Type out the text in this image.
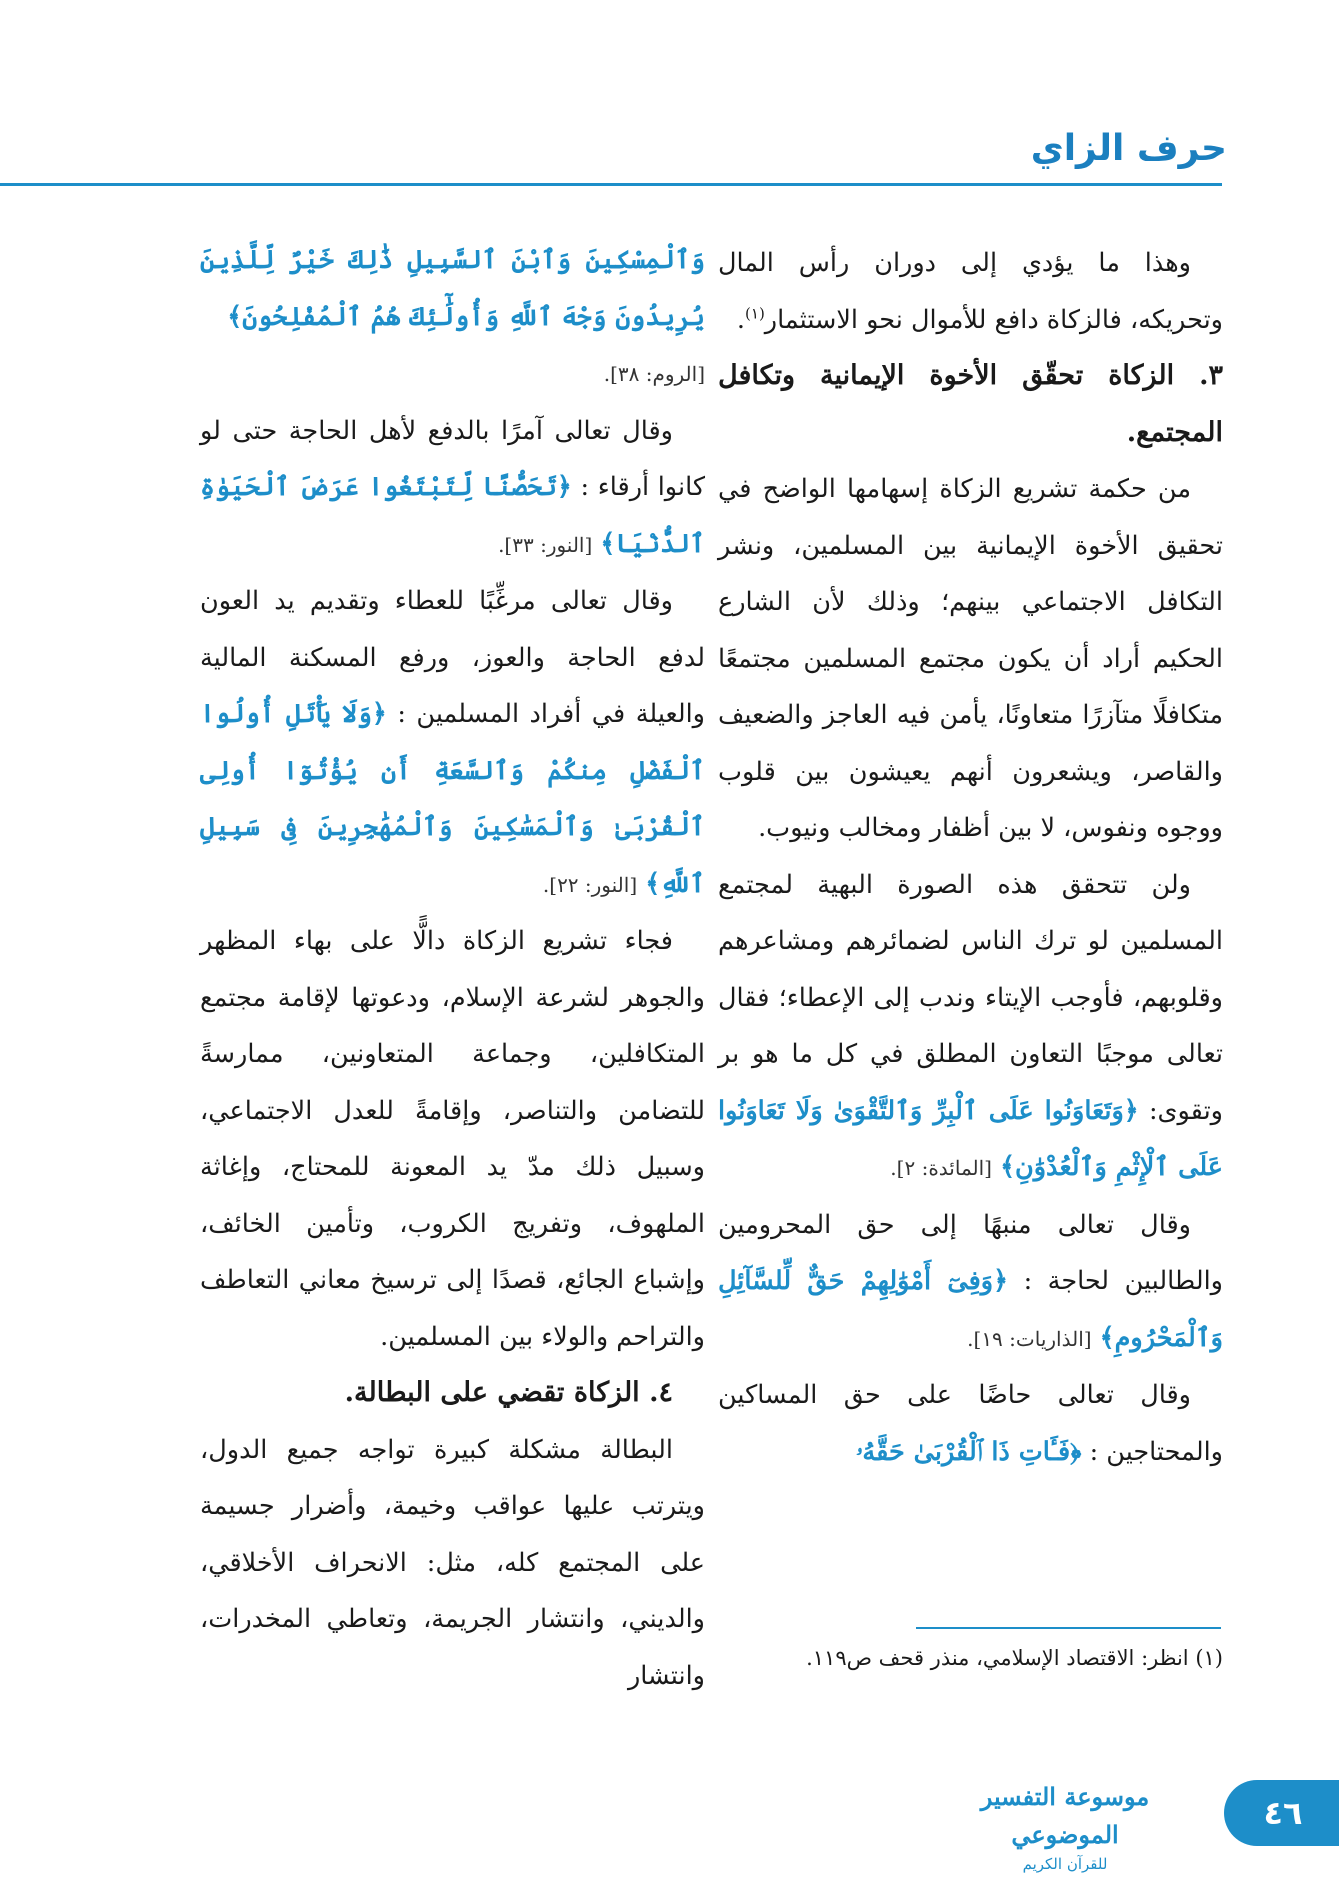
حرف الزاي

وهذا ما يؤدي إلى دوران رأس المال وتحريكه، فالزكاة دافع للأموال نحو الاستثمار$^{(١)}$.

٣. الزكاة تحقّق الأخوة الإيمانية وتكافل المجتمع.

من حكمة تشريع الزكاة إسهامها الواضح في تحقيق الأخوة الإيمانية بين المسلمين، ونشر التكافل الاجتماعي بينهم؛ وذلك لأن الشارع الحكيم أراد أن يكون مجتمع المسلمين مجتمعًا متكافلًا متآزرًا متعاونًا، يأمن فيه العاجز والضعيف والقاصر، ويشعرون أنهم يعيشون بين قلوب ووجوه ونفوس، لا بين أظفار ومخالب ونيوب.

ولن تتحقق هذه الصورة البهية لمجتمع المسلمين لو ترك الناس لضمائرهم ومشاعرهم وقلوبهم، فأوجب الإيتاء وندب إلى الإعطاء؛ فقال تعالى موجبًا التعاون المطلق في كل ما هو بر وتقوى: ﴿وَتَعَاوَنُوا عَلَى ٱلْبِرِّ وَٱلتَّقْوَىٰ وَلَا تَعَاوَنُوا عَلَى ٱلْإِثْمِ وَٱلْعُدْوَٰنِ﴾ [المائدة: ٢].

وقال تعالى منبهًا إلى حق المحرومين والطالبين لحاجة : ﴿وَفِىٓ أَمْوَٰلِهِمْ حَقٌّ لِّلسَّآئِلِ وَٱلْمَحْرُومِ﴾ [الذاريات: ١٩].

وقال تعالى حاضًا على حق المساكين والمحتاجين : ﴿فَـَٔاتِ ذَا ٱلْقُرْبَىٰ حَقَّهُۥ

وَٱلْمِسْكِينَ وَٱبْنَ ٱلسَّبِيلِ ذَٰلِكَ خَيْرٌ لِّلَّذِينَ يُرِيدُونَ وَجْهَ ٱللَّهِ وَأُولَٰٓئِكَ هُمُ ٱلْمُفْلِحُونَ﴾

[الروم: ٣٨].

وقال تعالى آمرًا بالدفع لأهل الحاجة حتى لو كانوا أرقاء : ﴿تَحَصُّنًا لِّتَبْتَغُوا عَرَضَ ٱلْحَيَوٰةِ ٱلدُّنْيَا﴾ [النور: ٣٣].

وقال تعالى مرغِّبًا للعطاء وتقديم يد العون لدفع الحاجة والعوز، ورفع المسكنة المالية والعيلة في أفراد المسلمين : ﴿وَلَا يَأْتَلِ أُولُوا ٱلْفَضْلِ مِنكُمْ وَٱلسَّعَةِ أَن يُؤْتُوٓا أُولِى ٱلْقُرْبَىٰ وَٱلْمَسَٰكِينَ وَٱلْمُهَٰجِرِينَ فِى سَبِيلِ ٱللَّهِ﴾ [النور: ٢٢].

فجاء تشريع الزكاة دالًّا على بهاء المظهر والجوهر لشرعة الإسلام، ودعوتها لإقامة مجتمع المتكافلين، وجماعة المتعاونين، ممارسةً للتضامن والتناصر، وإقامةً للعدل الاجتماعي، وسبيل ذلك مدّ يد المعونة للمحتاج، وإغاثة الملهوف، وتفريج الكروب، وتأمين الخائف، وإشباع الجائع، قصدًا إلى ترسيخ معاني التعاطف والتراحم والولاء بين المسلمين.

٤. الزكاة تقضي على البطالة.

البطالة مشكلة كبيرة تواجه جميع الدول، ويترتب عليها عواقب وخيمة، وأضرار جسيمة على المجتمع كله، مثل: الانحراف الأخلاقي، والديني، وانتشار الجريمة، وتعاطي المخدرات، وانتشار

(١) انظر: الاقتصاد الإسلامي، منذر قحف ص١١٩.
٤٦
موسوعة التفسير الموضوعي
للقرآن الكريم
